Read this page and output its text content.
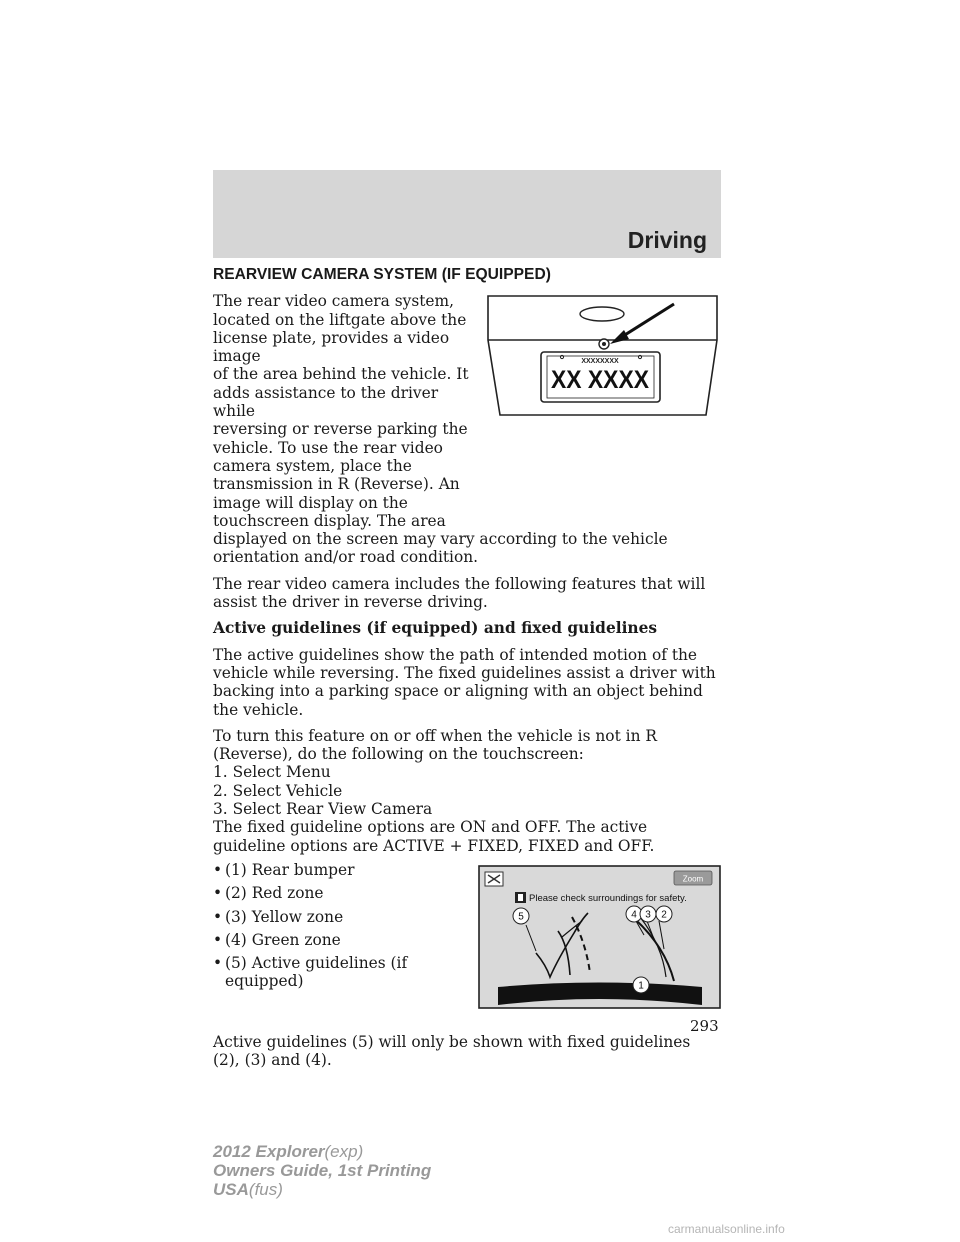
Driving
REARVIEW CAMERA SYSTEM (IF EQUIPPED)
XXXXXXXX
XX XXXX
The rear video camera system,
located on the liftgate above the
license plate, provides a video image
of the area behind the vehicle. It
adds assistance to the driver while
reversing or reverse parking the
vehicle. To use the rear video
camera system, place the
transmission in R (Reverse). An
image will display on the
touchscreen display. The area
displayed on the screen may vary according to the vehicle orientation and/or road condition.

The rear video camera includes the following features that will assist the driver in reverse driving.

Active guidelines (if equipped) and fixed guidelines

The active guidelines show the path of intended motion of the vehicle while reversing. The fixed guidelines assist a driver with backing into a parking space or aligning with an object behind the vehicle.

To turn this feature on or off when the vehicle is not in R (Reverse), do the following on the touchscreen:

1. Select Menu
2. Select Vehicle
3. Select Rear View Camera

The fixed guideline options are ON and OFF. The active guideline options are ACTIVE + FIXED, FIXED and OFF.

• (1) Rear bumper
• (2) Red zone
• (3) Yellow zone
• (4) Green zone
• (5) Active guidelines (if equipped)
Zoom
Please check surroundings for safety.
5	4 3 2
1

Active guidelines (5) will only be shown with fixed guidelines (2), (3) and (4).

293
2012 Explorer(exp)
Owners Guide, 1st Printing
USA(fus)
carmanualsonline.info
